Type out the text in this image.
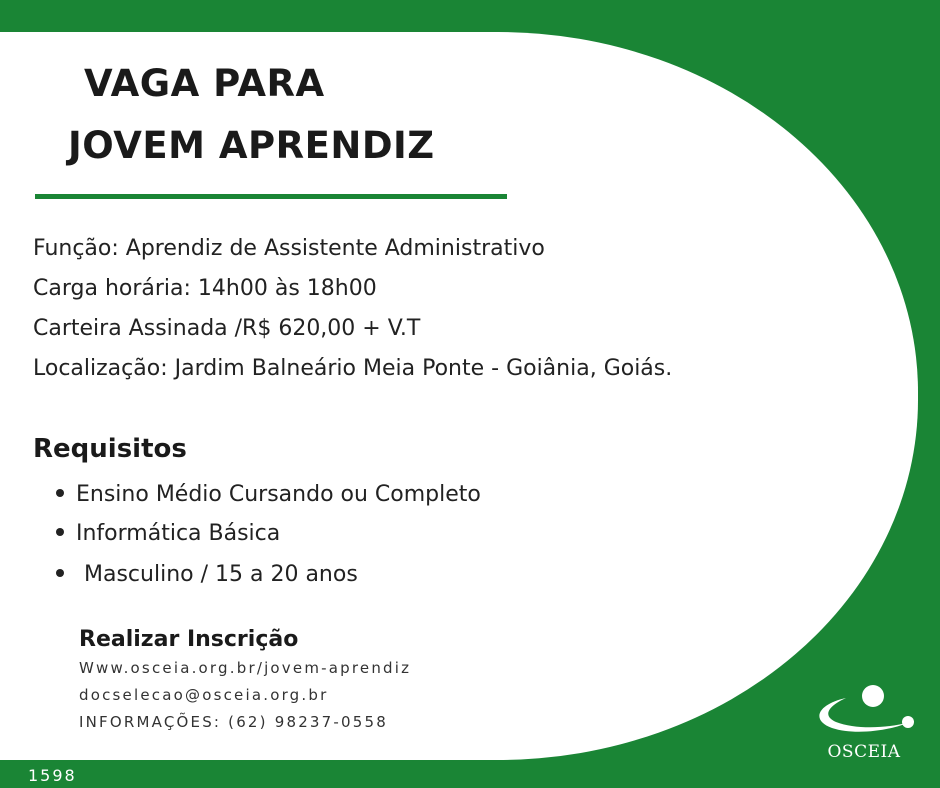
VAGA PARA
JOVEM APRENDIZ

Função: Aprendiz de Assistente Administrativo

Carga horária: 14h00 às 18h00

Carteira Assinada /R$ 620,00 + V.T

Localização: Jardim Balneário Meia Ponte - Goiânia, Goiás.

Requisitos
Ensino Médio Cursando ou Completo
Informática Básica
Masculino / 15 a 20 anos
Realizar Inscrição
Www.osceia.org.br/jovem-aprendiz
docselecao@osceia.org.br
INFORMAÇÕES: (62) 98237-0558
1598
OSCEIA
